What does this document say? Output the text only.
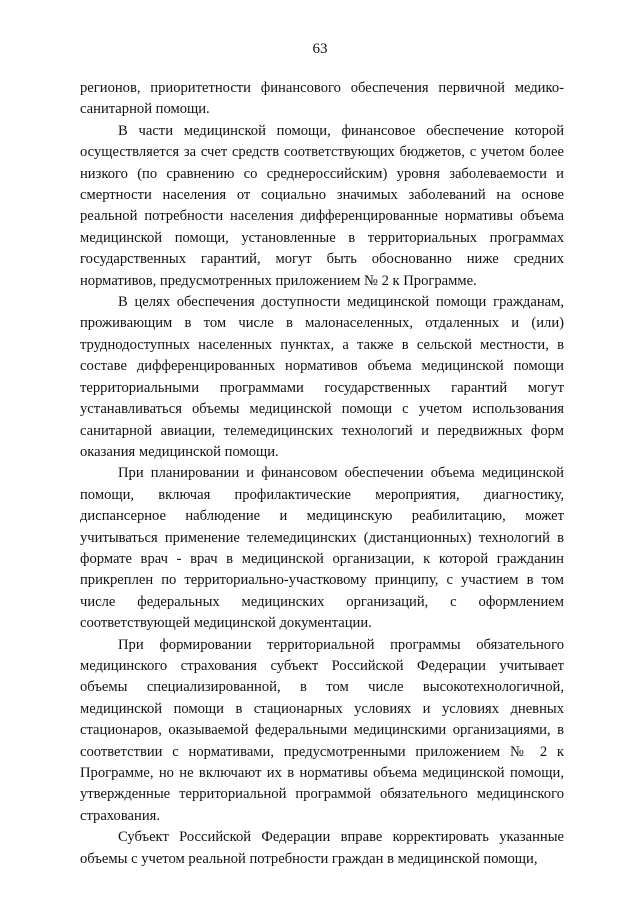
63

регионов, приоритетности финансового обеспечения первичной медико-санитарной помощи.

В части медицинской помощи, финансовое обеспечение которой осуществляется за счет средств соответствующих бюджетов, с учетом более низкого (по сравнению со среднероссийским) уровня заболеваемости и смертности населения от социально значимых заболеваний на основе реальной потребности населения дифференцированные нормативы объема медицинской помощи, установленные в территориальных программах государственных гарантий, могут быть обоснованно ниже средних нормативов, предусмотренных приложением № 2 к Программе.

В целях обеспечения доступности медицинской помощи гражданам, проживающим в том числе в малонаселенных, отдаленных и (или) труднодоступных населенных пунктах, а также в сельской местности, в составе дифференцированных нормативов объема медицинской помощи территориальными программами государственных гарантий могут устанавливаться объемы медицинской помощи с учетом использования санитарной авиации, телемедицинских технологий и передвижных форм оказания медицинской помощи.

При планировании и финансовом обеспечении объема медицинской помощи, включая профилактические мероприятия, диагностику, диспансерное наблюдение и медицинскую реабилитацию, может учитываться применение телемедицинских (дистанционных) технологий в формате врач - врач в медицинской организации, к которой гражданин прикреплен по территориально-участковому принципу, с участием в том числе федеральных медицинских организаций, с оформлением соответствующей медицинской документации.

При формировании территориальной программы обязательного медицинского страхования субъект Российской Федерации учитывает объемы специализированной, в том числе высокотехнологичной, медицинской помощи в стационарных условиях и условиях дневных стационаров, оказываемой федеральными медицинскими организациями, в соответствии с нормативами, предусмотренными приложением № 2 к Программе, но не включают их в нормативы объема медицинской помощи, утвержденные территориальной программой обязательного медицинского страхования.

Субъект Российской Федерации вправе корректировать указанные объемы с учетом реальной потребности граждан в медицинской помощи,
